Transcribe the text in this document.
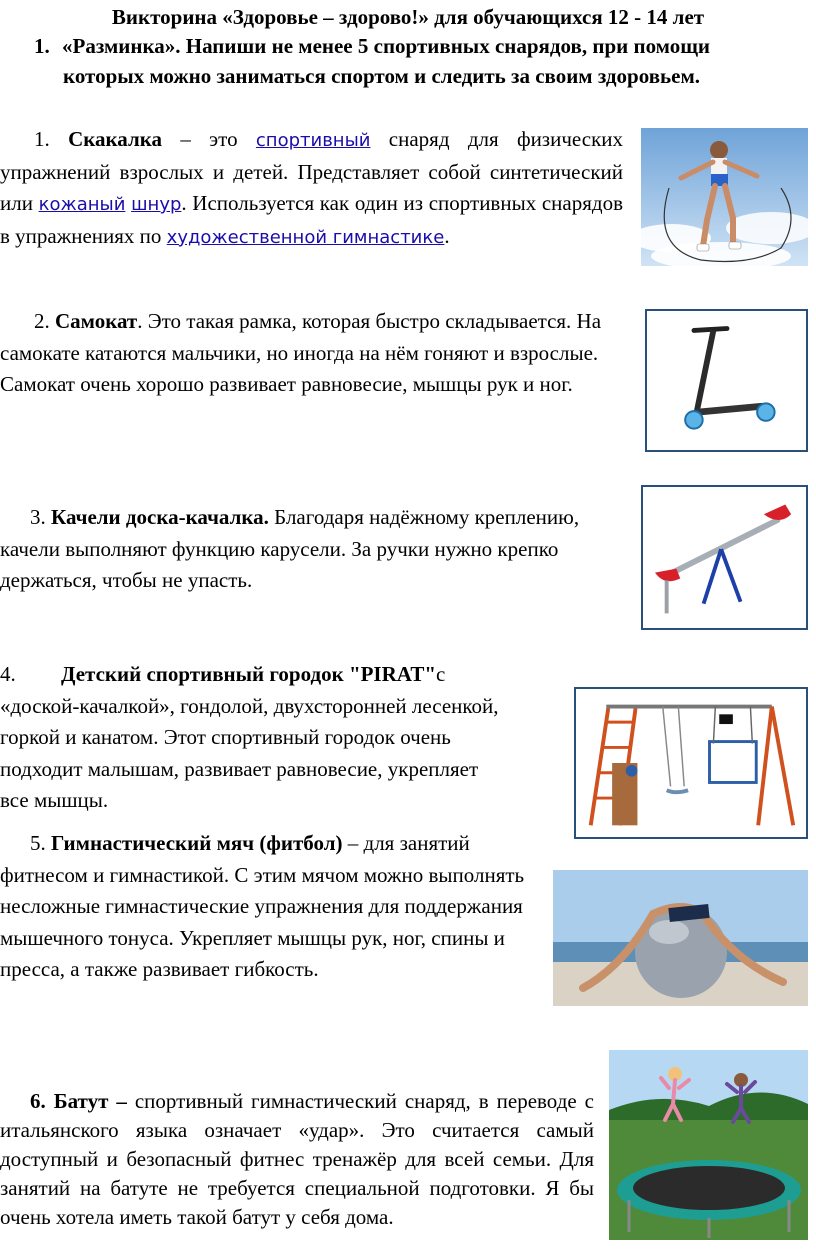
Викторина «Здоровье – здорово!» для обучающихся 12 - 14 лет
1. «Разминка». Напиши не менее 5 спортивных снарядов, при помощи
которых можно заниматься спортом и следить за своим здоровьем.
1. Скакалка – это спортивный снаряд для физических упражнений взрослых и детей. Представляет собой синтетический или кожаный шнур. Используется как один из спортивных снарядов в упражнениях по художественной гимнастике.
2. Самокат. Это такая рамка, которая быстро складывается. На самокате катаются мальчики, но иногда на нём гоняют и взрослые. Самокат очень хорошо развивает равновесие, мышцы рук и ног.
3. Качели доска-качалка. Благодаря надёжному креплению, качели выполняют функцию карусели. За ручки нужно крепко держаться, чтобы не упасть.
4. Детский спортивный городок "PIRAT"с «доской-качалкой», гондолой, двухсторонней лесенкой, горкой и канатом. Этот спортивный городок очень подходит малышам, развивает равновесие, укрепляет все мышцы.
5. Гимнастический мяч (фитбол) – для занятий фитнесом и гимнастикой. С этим мячом можно выполнять несложные гимнастические упражнения для поддержания мышечного тонуса. Укрепляет мышцы рук, ног, спины и пресса, а также развивает гибкость.
6. Батут – спортивный гимнастический снаряд, в переводе с итальянского языка означает «удар». Это считается самый доступный и безопасный фитнес тренажёр для всей семьи. Для занятий на батуте не требуется специальной подготовки. Я бы очень хотела иметь такой батут у себя дома.
